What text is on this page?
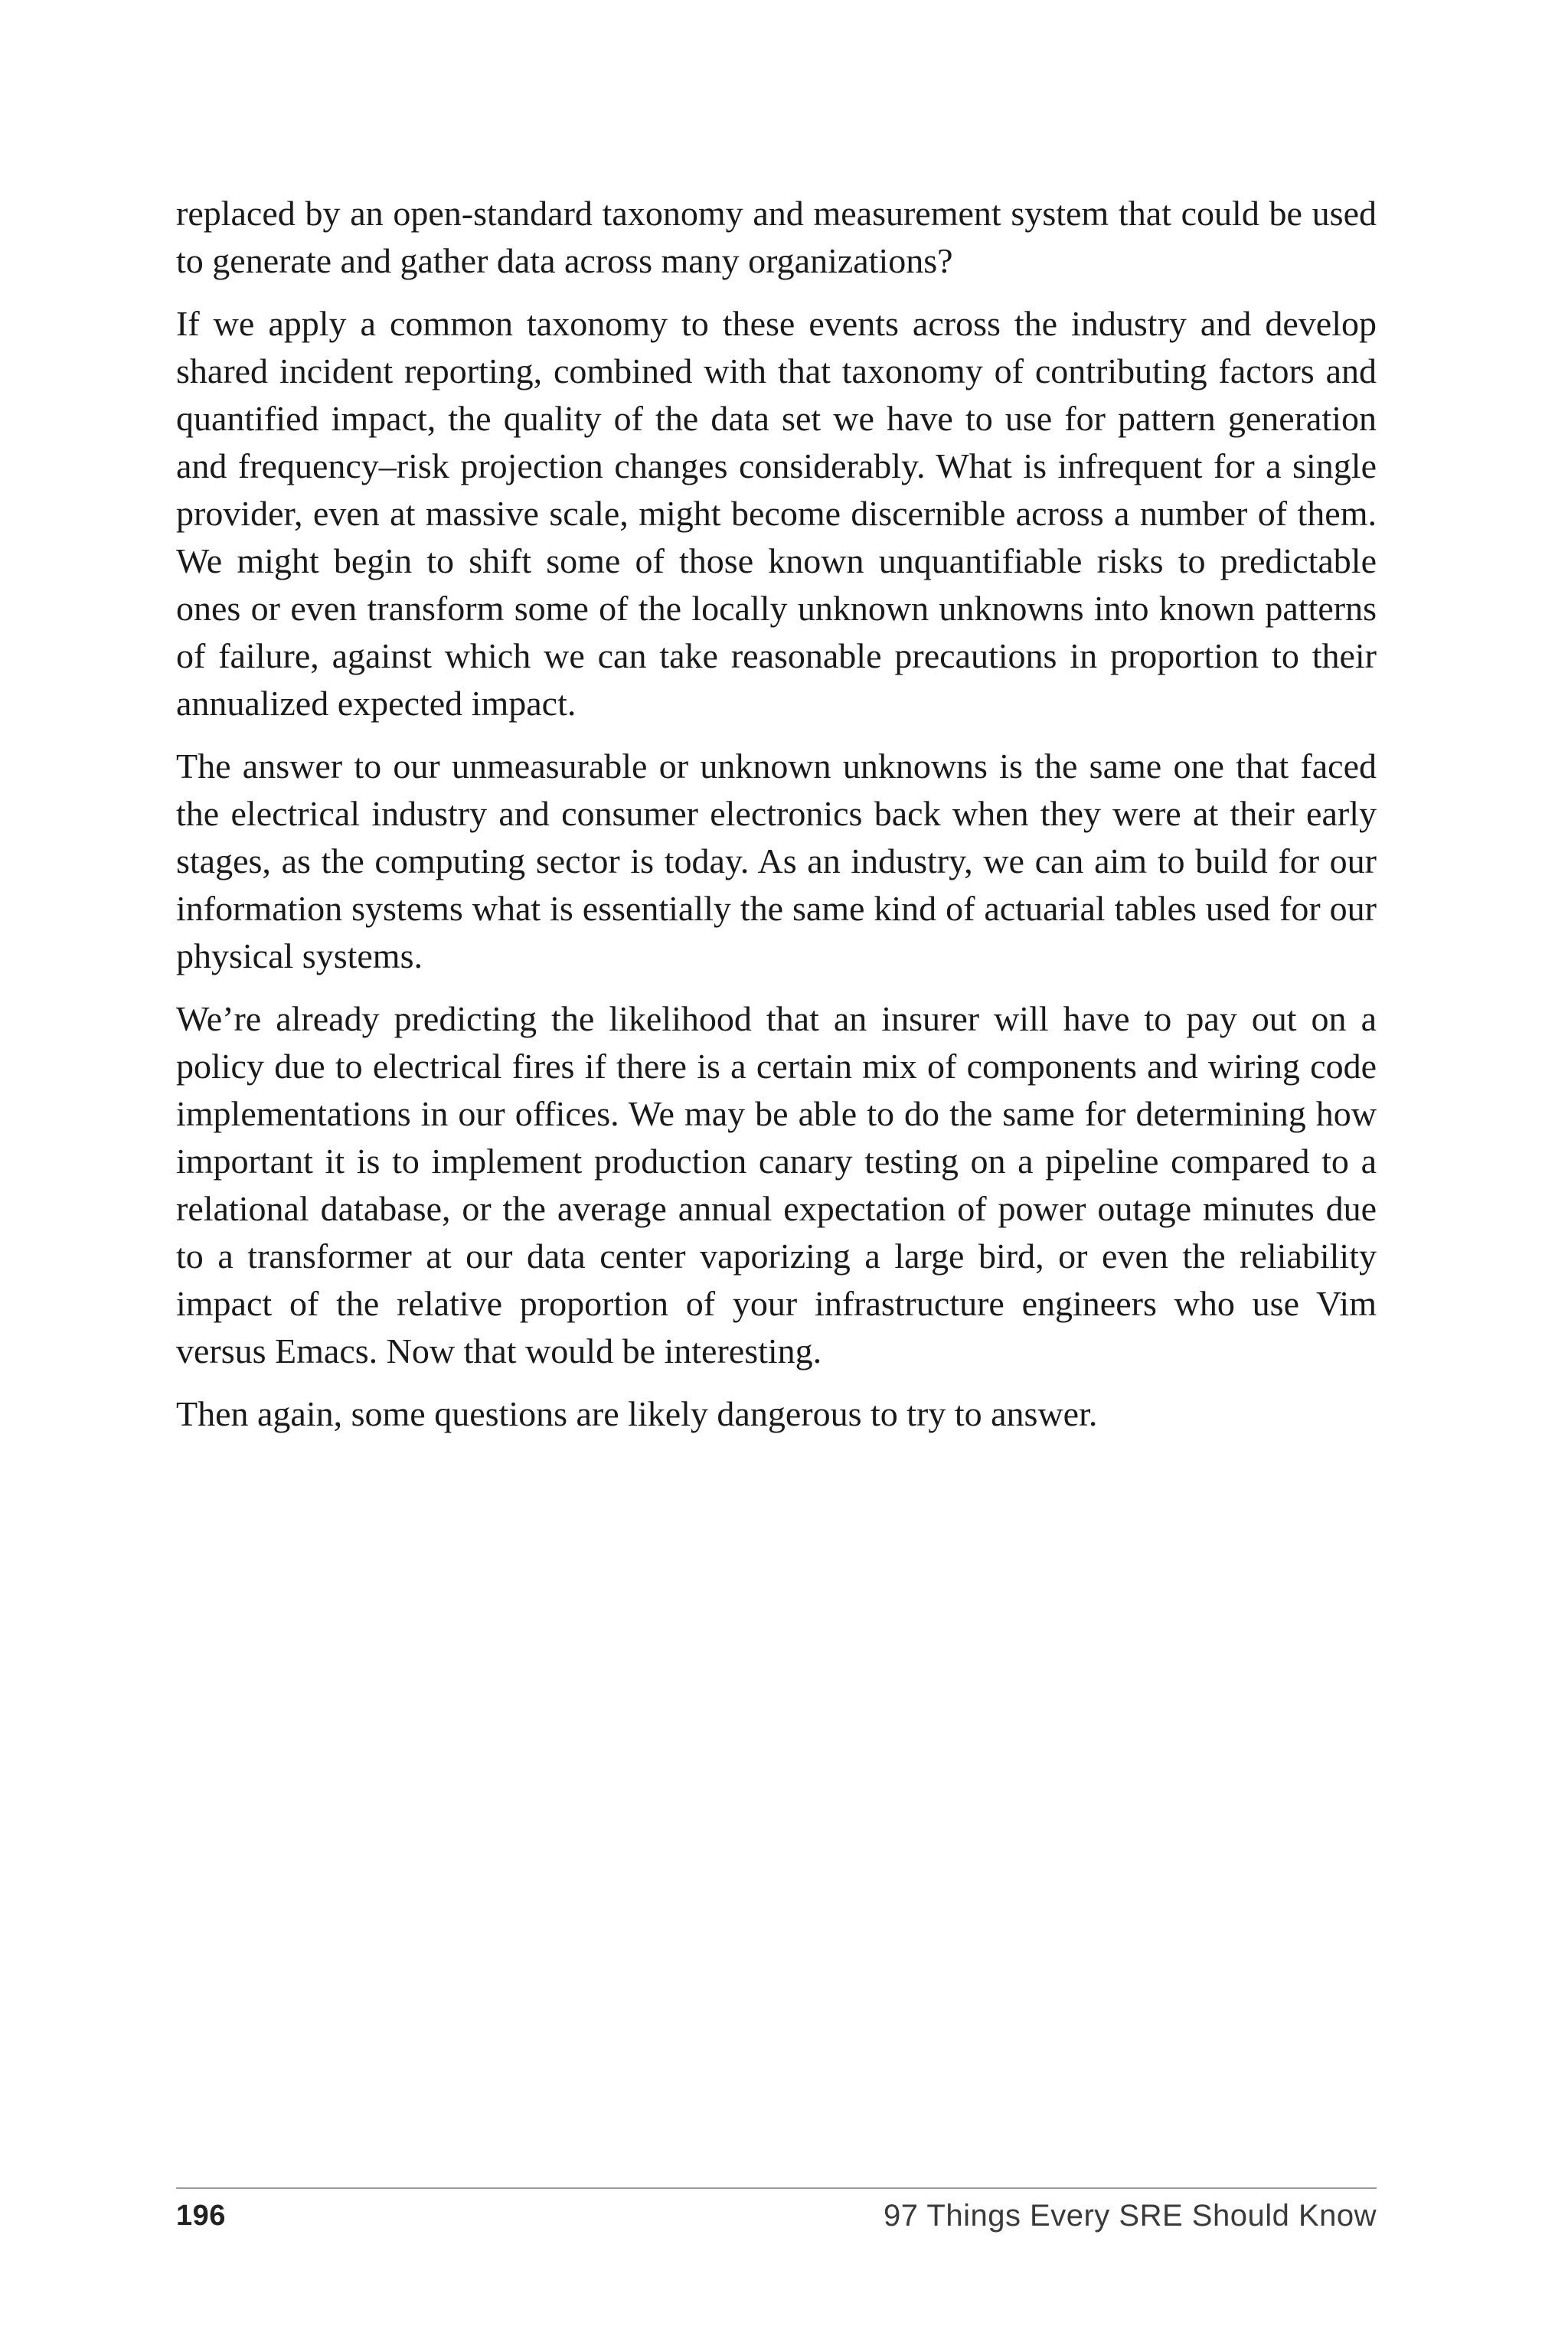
replaced by an open-standard taxonomy and measurement system that could be used to generate and gather data across many organizations?

If we apply a common taxonomy to these events across the industry and develop shared incident reporting, combined with that taxonomy of contributing factors and quantified impact, the quality of the data set we have to use for pattern generation and frequency–risk projection changes considerably. What is infrequent for a single provider, even at massive scale, might become discernible across a number of them. We might begin to shift some of those known unquantifiable risks to predictable ones or even transform some of the locally unknown unknowns into known patterns of failure, against which we can take reasonable precautions in proportion to their annualized expected impact.

The answer to our unmeasurable or unknown unknowns is the same one that faced the electrical industry and consumer electronics back when they were at their early stages, as the computing sector is today. As an industry, we can aim to build for our information systems what is essentially the same kind of actuarial tables used for our physical systems.

We’re already predicting the likelihood that an insurer will have to pay out on a policy due to electrical fires if there is a certain mix of components and wiring code implementations in our offices. We may be able to do the same for determining how important it is to implement production canary testing on a pipeline compared to a relational database, or the average annual expectation of power outage minutes due to a transformer at our data center vaporizing a large bird, or even the reliability impact of the relative proportion of your infrastructure engineers who use Vim versus Emacs. Now that would be interesting.

Then again, some questions are likely dangerous to try to answer.

196	97 Things Every SRE Should Know
